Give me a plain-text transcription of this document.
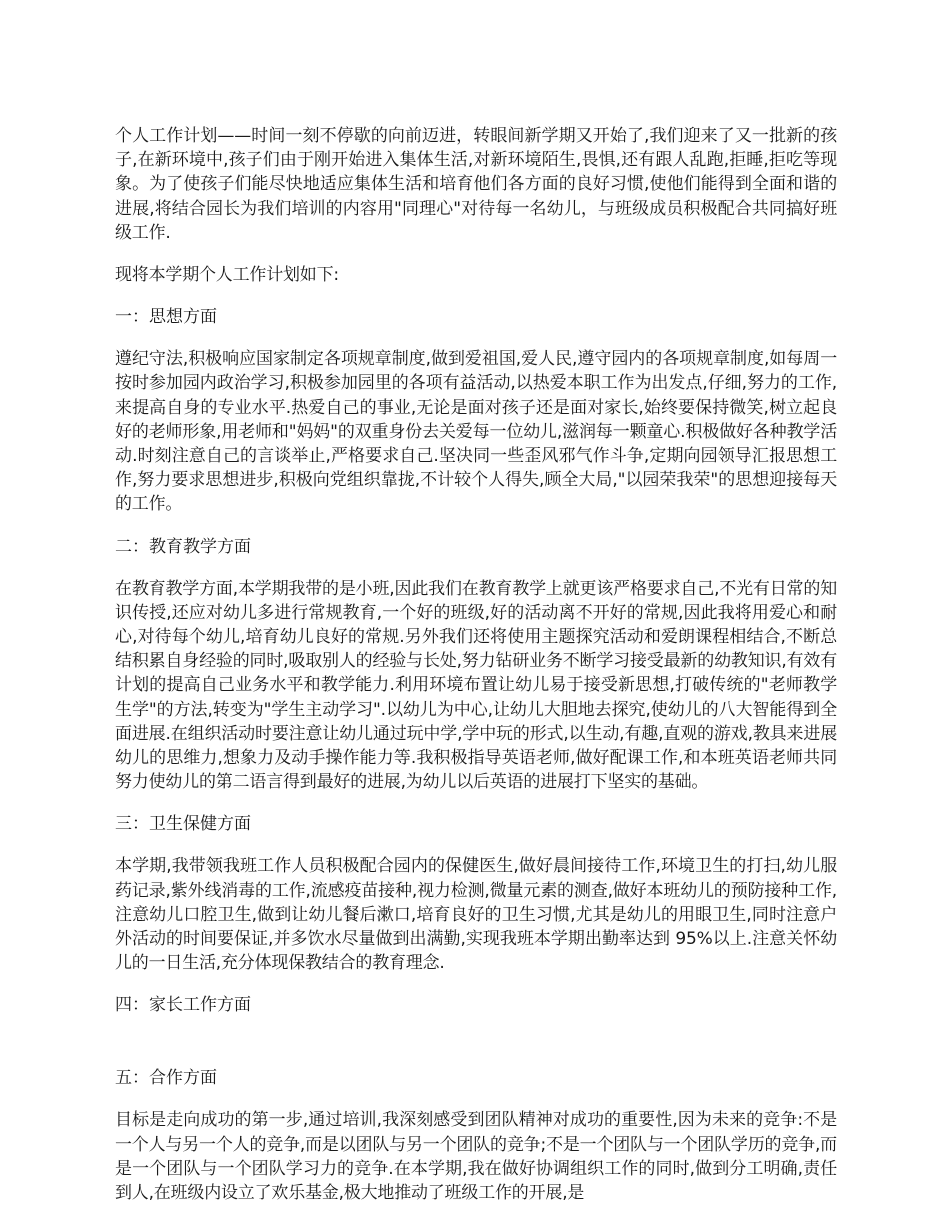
个人工作计划——时间一刻不停歇的向前迈进，转眼间新学期又开始了,我们迎来了又一批新的孩子,在新环境中,孩子们由于刚开始进入集体生活,对新环境陌生,畏惧,还有跟人乱跑,拒睡,拒吃等现象。为了使孩子们能尽快地适应集体生活和培育他们各方面的良好习惯,使他们能得到全面和谐的进展,将结合园长为我们培训的内容用"同理心"对待每一名幼儿，与班级成员积极配合共同搞好班级工作.

现将本学期个人工作计划如下:

一：思想方面

遵纪守法,积极响应国家制定各项规章制度,做到爱祖国,爱人民,遵守园内的各项规章制度,如每周一按时参加园内政治学习,积极参加园里的各项有益活动,以热爱本职工作为出发点,仔细,努力的工作,来提高自身的专业水平.热爱自己的事业,无论是面对孩子还是面对家长,始终要保持微笑,树立起良好的老师形象,用老师和"妈妈"的双重身份去关爱每一位幼儿,滋润每一颗童心.积极做好各种教学活动.时刻注意自己的言谈举止,严格要求自己.坚决同一些歪风邪气作斗争,定期向园领导汇报思想工作,努力要求思想进步,积极向党组织靠拢,不计较个人得失,顾全大局,"以园荣我荣"的思想迎接每天的工作。

二：教育教学方面

在教育教学方面,本学期我带的是小班,因此我们在教育教学上就更该严格要求自己,不光有日常的知识传授,还应对幼儿多进行常规教育,一个好的班级,好的活动离不开好的常规,因此我将用爱心和耐心,对待每个幼儿,培育幼儿良好的常规.另外我们还将使用主题探究活动和爱朗课程相结合,不断总结积累自身经验的同时,吸取别人的经验与长处,努力钻研业务不断学习接受最新的幼教知识,有效有计划的提高自己业务水平和教学能力.利用环境布置让幼儿易于接受新思想,打破传统的"老师教学生学"的方法,转变为"学生主动学习".以幼儿为中心,让幼儿大胆地去探究,使幼儿的八大智能得到全面进展.在组织活动时要注意让幼儿通过玩中学,学中玩的形式,以生动,有趣,直观的游戏,教具来进展幼儿的思维力,想象力及动手操作能力等.我积极指导英语老师,做好配课工作,和本班英语老师共同努力使幼儿的第二语言得到最好的进展,为幼儿以后英语的进展打下坚实的基础。

三：卫生保健方面

本学期,我带领我班工作人员积极配合园内的保健医生,做好晨间接待工作,环境卫生的打扫,幼儿服药记录,紫外线消毒的工作,流感疫苗接种,视力检测,微量元素的测查,做好本班幼儿的预防接种工作,注意幼儿口腔卫生,做到让幼儿餐后漱口,培育良好的卫生习惯,尤其是幼儿的用眼卫生,同时注意户外活动的时间要保证,并多饮水尽量做到出满勤,实现我班本学期出勤率达到 95%以上.注意关怀幼儿的一日生活,充分体现保教结合的教育理念.

四：家长工作方面

五：合作方面

目标是走向成功的第一步,通过培训,我深刻感受到团队精神对成功的重要性,因为未来的竞争:不是一个人与另一个人的竞争,而是以团队与另一个团队的竞争;不是一个团队与一个团队学历的竞争,而是一个团队与一个团队学习力的竞争.在本学期,我在做好协调组织工作的同时,做到分工明确,责任到人,在班级内设立了欢乐基金,极大地推动了班级工作的开展,是
